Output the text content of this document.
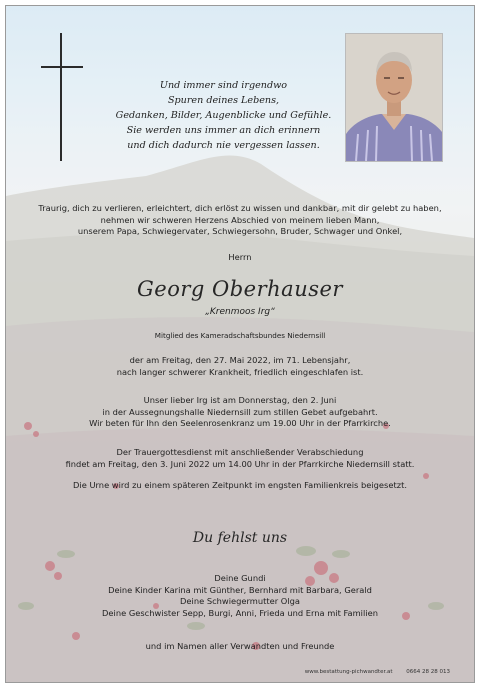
Und immer sind irgendwo
Spuren deines Lebens,
Gedanken, Bilder, Augenblicke und Gefühle.
Sie werden uns immer an dich erinnern
und dich dadurch nie vergessen lassen.
Traurig, dich zu verlieren, erleichtert, dich erlöst zu wissen und dankbar, mit dir gelebt zu haben,
nehmen wir schweren Herzens Abschied von meinem lieben Mann,
unserem Papa, Schwiegervater, Schwiegersohn, Bruder, Schwager und Onkel,
Herrn
Georg Oberhauser
„Krenmoos Irg“
Mitglied des Kameradschaftsbundes Niedernsill
der am Freitag, den 27. Mai 2022, im 71. Lebensjahr,
nach langer schwerer Krankheit, friedlich eingeschlafen ist.
Unser lieber Irg ist am Donnerstag, den 2. Juni
in der Aussegnungshalle Niedernsill zum stillen Gebet aufgebahrt.
Wir beten für Ihn den Seelenrosenkranz um 19.00 Uhr in der Pfarrkirche.
Der Trauergottesdienst mit anschließender Verabschiedung
findet am Freitag, den 3. Juni 2022 um 14.00 Uhr in der Pfarrkirche Niedernsill statt.
Die Urne wird zu einem späteren Zeitpunkt im engsten Familienkreis beigesetzt.
Du fehlst uns
Deine Gundi
Deine Kinder Karina mit Günther, Bernhard mit Barbara, Gerald
Deine Schwiegermutter Olga
Deine Geschwister Sepp, Burgi, Anni, Frieda und Erna mit Familien
und im Namen aller Verwandten und Freunde
www.bestattung-pichwandter.at	0664 28 28 013
